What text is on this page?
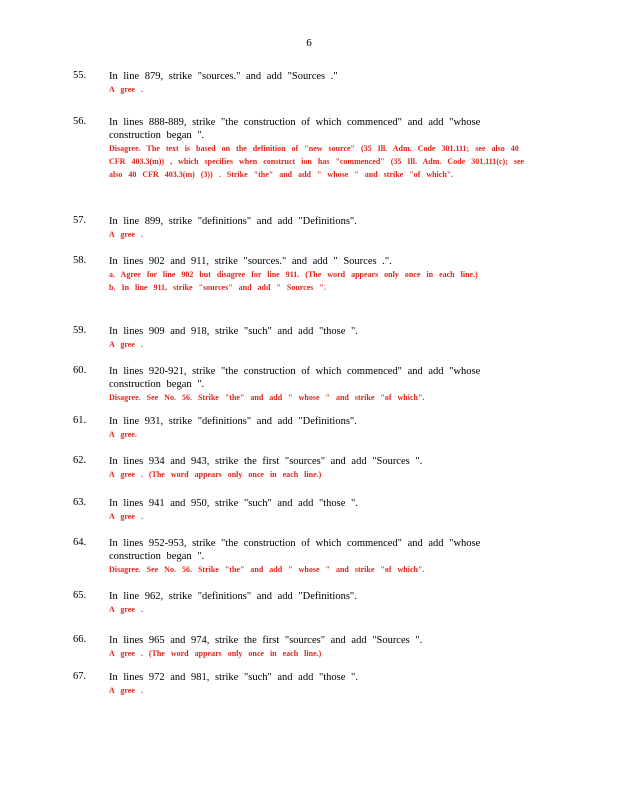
6
55. In line 879, strike "sources." and add "Sources ."
A gree .
56. In lines 888-889, strike "the construction of which commenced" and add "whose construction began ".
Disagree. The text is based on the definition of "new source" (35 Ill. Adm. Code 301.111; see also 40 CFR 403.3(m)) , which specifies when construct ion has "commenced" (35 Ill. Adm. Code 301.111(c); see also 40 CFR 403.3(m) (3)) . Strike "the" and add " whose " and strike "of which".
57. In line 899, strike "definitions" and add "Definitions".
A gree .
58. In lines 902 and 911, strike "sources." and add " Sources .".
a. Agree for line 902 but disagree for line 911. (The word appears only once in each line.)
b. In line 911, strike "sources" and add " Sources ".
59. In lines 909 and 918, strike "such" and add "those ".
A gree .
60. In lines 920-921, strike "the construction of which commenced" and add "whose construction began ".
Disagree. See No. 56. Strike "the" and add " whose " and strike "of which".
61. In line 931, strike "definitions" and add "Definitions".
A gree.
62. In lines 934 and 943, strike the first "sources" and add "Sources ".
A gree . (The word appears only once in each line.)
63. In lines 941 and 950, strike "such" and add "those ".
A gree .
64. In lines 952-953, strike "the construction of which commenced" and add "whose construction began ".
Disagree. See No. 56. Strike "the" and add " whose " and strike "of which".
65. In line 962, strike "definitions" and add "Definitions".
A gree .
66. In lines 965 and 974, strike the first "sources" and add "Sources ".
A gree . (The word appears only once in each line.)
67. In lines 972 and 981, strike "such" and add "those ".
A gree .
